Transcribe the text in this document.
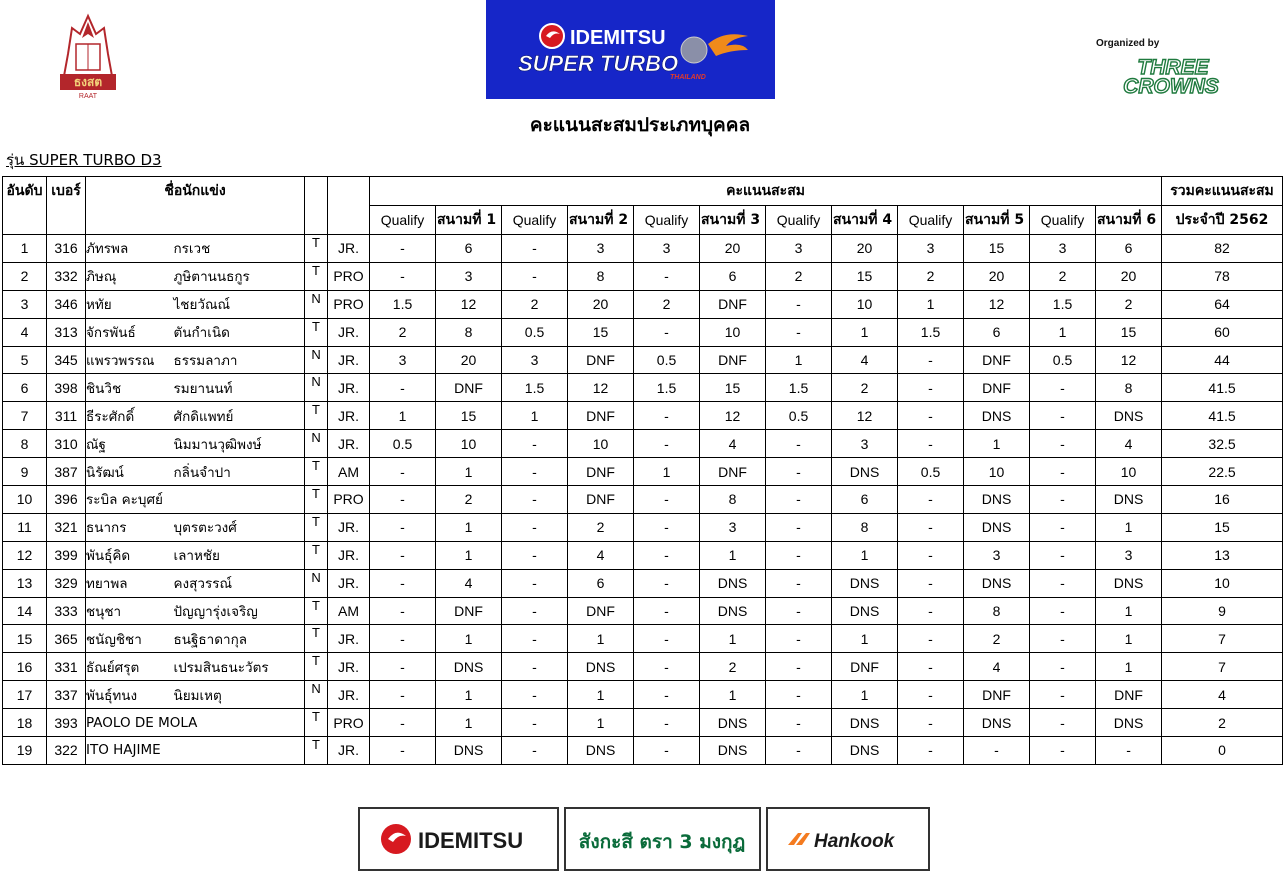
ธงสต
RAAT
IDEMITSU
SUPER TURBO
THAILAND
Organized by
THREE
CROWNS
คะแนนสะสมประเภทบุคคล
รุ่น SUPER TURBO D3
อันดับ	เบอร์	ชื่อนักแข่ง				คะแนนสะสม												รวมคะแนนสะสม
						Qualify	สนามที่ 1	Qualify	สนามที่ 2	Qualify	สนามที่ 3	Qualify	สนามที่ 4	Qualify	สนามที่ 5	Qualify	สนามที่ 6	ประจำปี 2562
1	316	ภัทรพล	กรเวช	T	JR.	-	6	-	3	3	20	3	20	3	15	3	6	82
2	332	ภิษณุ	ภูษิตานนธกูร	T	PRO	-	3	-	8	-	6	2	15	2	20	2	20	78
3	346	หทัย	ไชยวัณณ์	N	PRO	1.5	12	2	20	2	DNF	-	10	1	12	1.5	2	64
4	313	จักรพันธ์	ตันกำเนิด	T	JR.	2	8	0.5	15	-	10	-	1	1.5	6	1	15	60
5	345	แพรวพรรณ	ธรรมลาภา	N	JR.	3	20	3	DNF	0.5	DNF	1	4	-	DNF	0.5	12	44
6	398	ชินวิช	รมยานนท์	N	JR.	-	DNF	1.5	12	1.5	15	1.5	2	-	DNF	-	8	41.5
7	311	ธีระศักดิ์	ศักดิแพทย์	T	JR.	1	15	1	DNF	-	12	0.5	12	-	DNS	-	DNS	41.5
8	310	ณัฐ	นิมมานวุฒิพงษ์	N	JR.	0.5	10	-	10	-	4	-	3	-	1	-	4	32.5
9	387	นิรัฒน์	กลิ่นจำปา	T	AM	-	1	-	DNF	1	DNF	-	DNS	0.5	10	-	10	22.5
10	396	ระบิล คะบุศย์		T	PRO	-	2	-	DNF	-	8	-	6	-	DNS	-	DNS	16
11	321	ธนากร	บุตรตะวงศ์	T	JR.	-	1	-	2	-	3	-	8	-	DNS	-	1	15
12	399	พันธุ์คิด	เลาหชัย	T	JR.	-	1	-	4	-	1	-	1	-	3	-	3	13
13	329	ทยาพล	คงสุวรรณ์	N	JR.	-	4	-	6	-	DNS	-	DNS	-	DNS	-	DNS	10
14	333	ชนุชา	ปัญญารุ่งเจริญ	T	AM	-	DNF	-	DNF	-	DNS	-	DNS	-	8	-	1	9
15	365	ชนัญชิชา	ธนฐิธาดากุล	T	JR.	-	1	-	1	-	1	-	1	-	2	-	1	7
16	331	ธัณย์ศรุต	เปรมสินธนะวัตร	T	JR.	-	DNS	-	DNS	-	2	-	DNF	-	4	-	1	7
17	337	พันธุ์ทนง	นิยมเหตุ	N	JR.	-	1	-	1	-	1	-	1	-	DNF	-	DNF	4
18	393	PAOLO DE MOLA		T	PRO	-	1	-	1	-	DNS	-	DNS	-	DNS	-	DNS	2
19	322	ITO HAJIME		T	JR.	-	DNS	-	DNS	-	DNS	-	DNS	-	-	-	-	0
IDEMITSU	สังกะสี ตรา 3 มงกุฎ	Hankook
